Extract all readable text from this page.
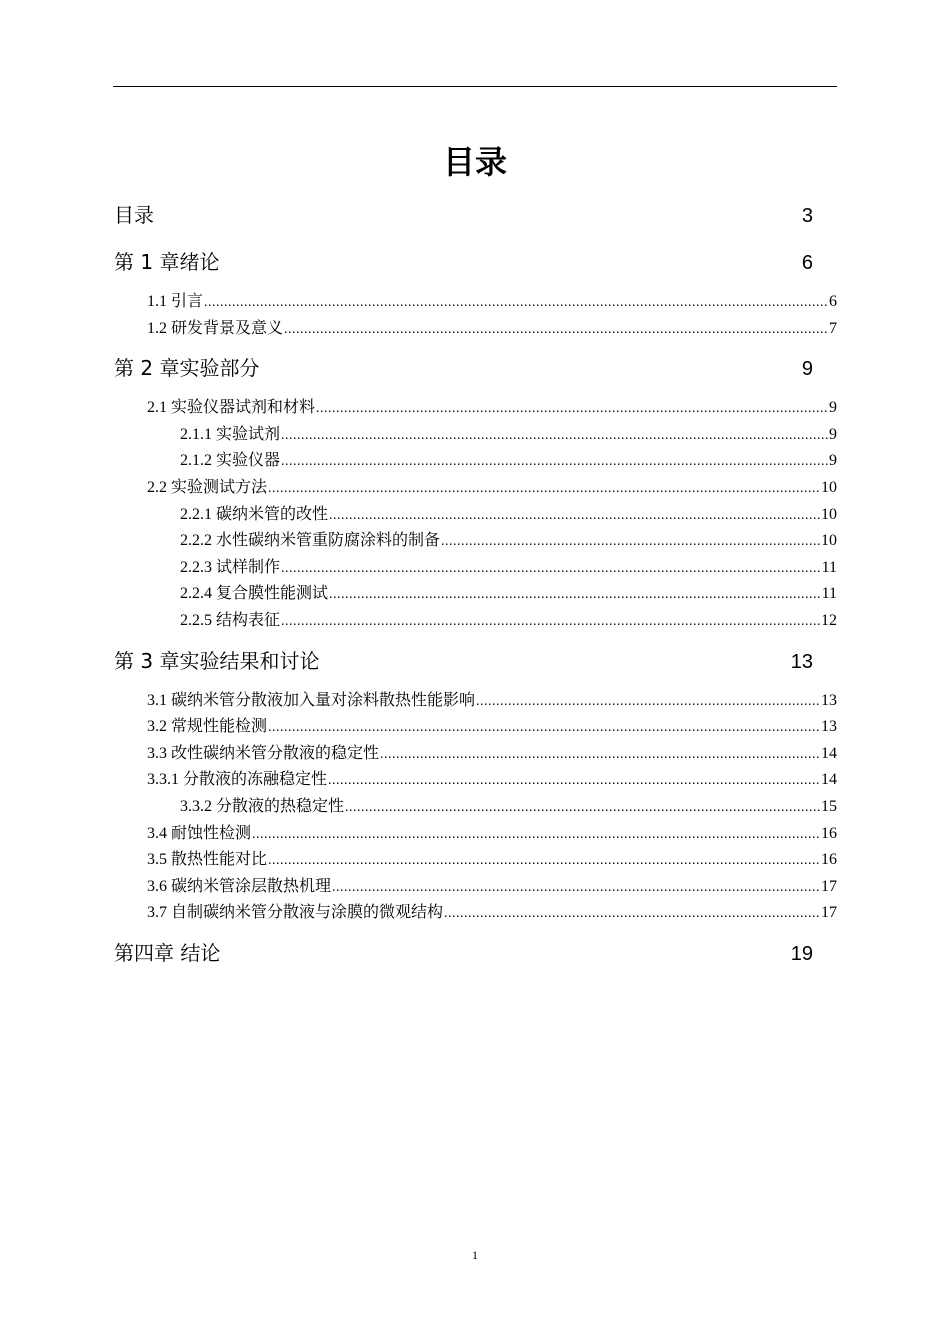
目录
目录	3
第 1 章绪论	6
1.1 引言 .....	6
1.2 研发背景及意义 .....	7
第 2 章实验部分	9
2.1 实验仪器试剂和材料 .....	9
2.1.1 实验试剂 .....	9
2.1.2 实验仪器 .....	9
2.2 实验测试方法 .....	10
2.2.1 碳纳米管的改性 .....	10
2.2.2 水性碳纳米管重防腐涂料的制备 .....	10
2.2.3 试样制作 .....	11
2.2.4 复合膜性能测试 .....	11
2.2.5 结构表征 .....	12
第 3 章实验结果和讨论	13
3.1 碳纳米管分散液加入量对涂料散热性能影响 .....	13
3.2 常规性能检测 .....	13
3.3 改性碳纳米管分散液的稳定性 .....	14
3.3.1 分散液的冻融稳定性 .....	14
3.3.2 分散液的热稳定性 .....	15
3.4 耐蚀性检测 .....	16
3.5 散热性能对比 .....	16
3.6 碳纳米管涂层散热机理 .....	17
3.7 自制碳纳米管分散液与涂膜的微观结构 .....	17
第四章 结论	19
1
